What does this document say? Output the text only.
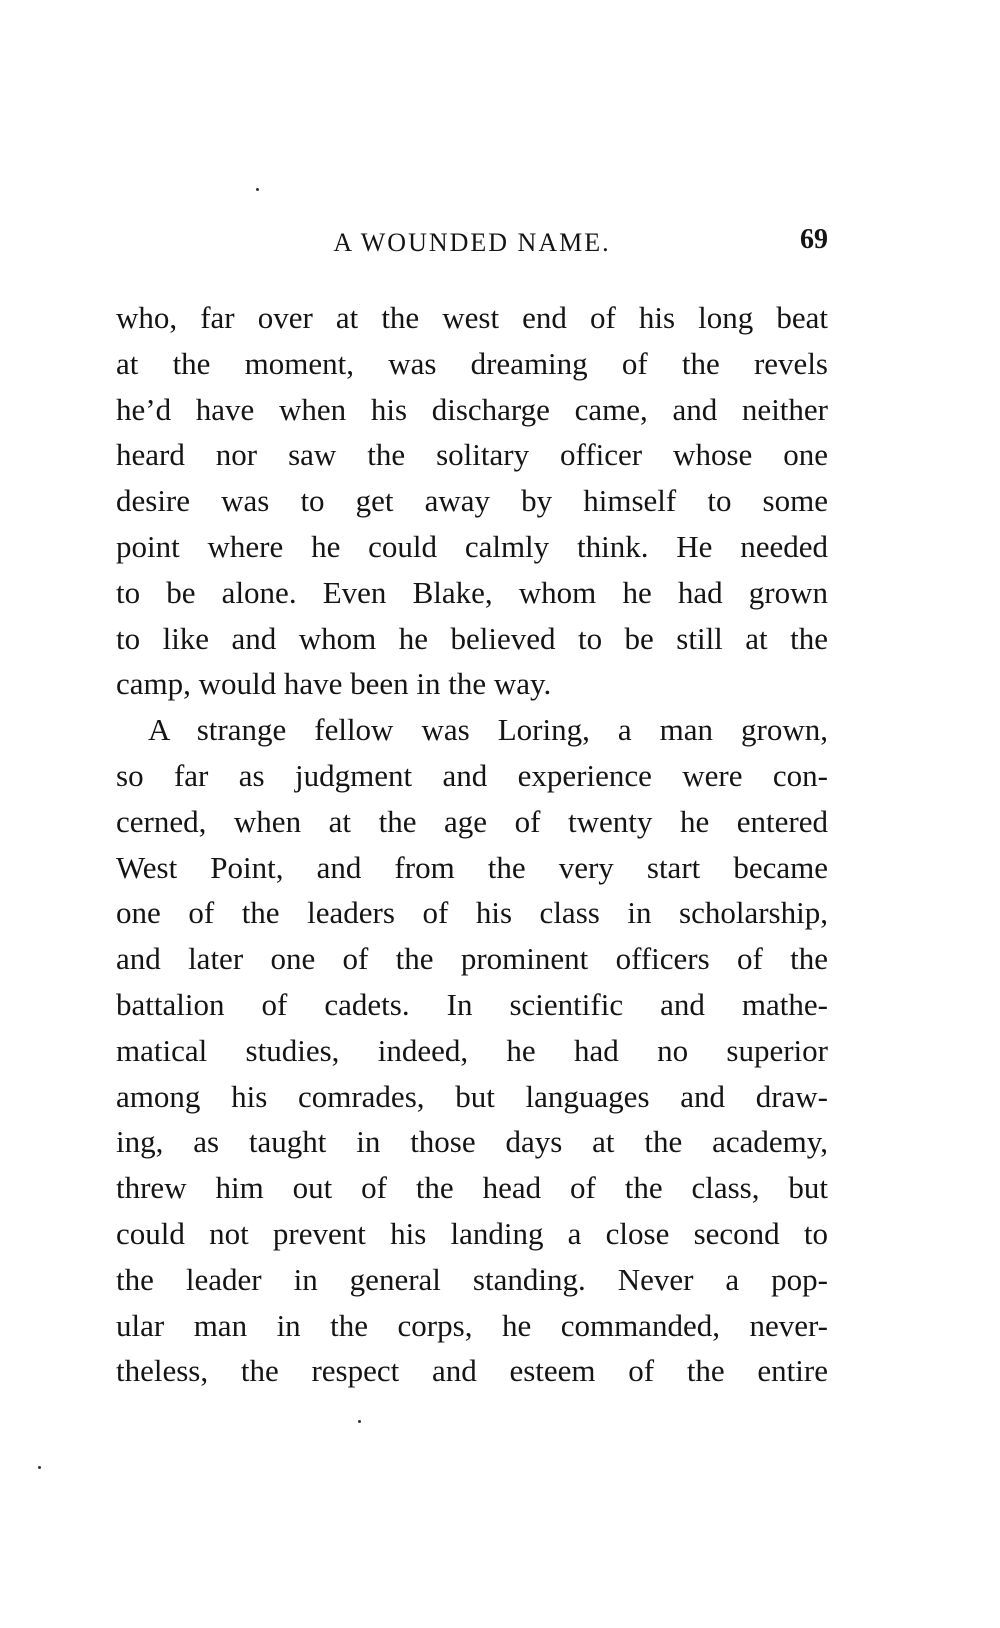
A WOUNDED NAME.	69
who, far over at the west end of his long beat
at the moment, was dreaming of the revels
he’d have when his discharge came, and neither
heard nor saw the solitary officer whose one
desire was to get away by himself to some
point where he could calmly think. He needed
to be alone. Even Blake, whom he had grown
to like and whom he believed to be still at the
camp, would have been in the way.
A strange fellow was Loring, a man grown,
so far as judgment and experience were con-
cerned, when at the age of twenty he entered
West Point, and from the very start became
one of the leaders of his class in scholarship,
and later one of the prominent officers of the
battalion of cadets. In scientific and mathe-
matical studies, indeed, he had no superior
among his comrades, but languages and draw-
ing, as taught in those days at the academy,
threw him out of the head of the class, but
could not prevent his landing a close second to
the leader in general standing. Never a pop-
ular man in the corps, he commanded, never-
theless, the respect and esteem of the entire
